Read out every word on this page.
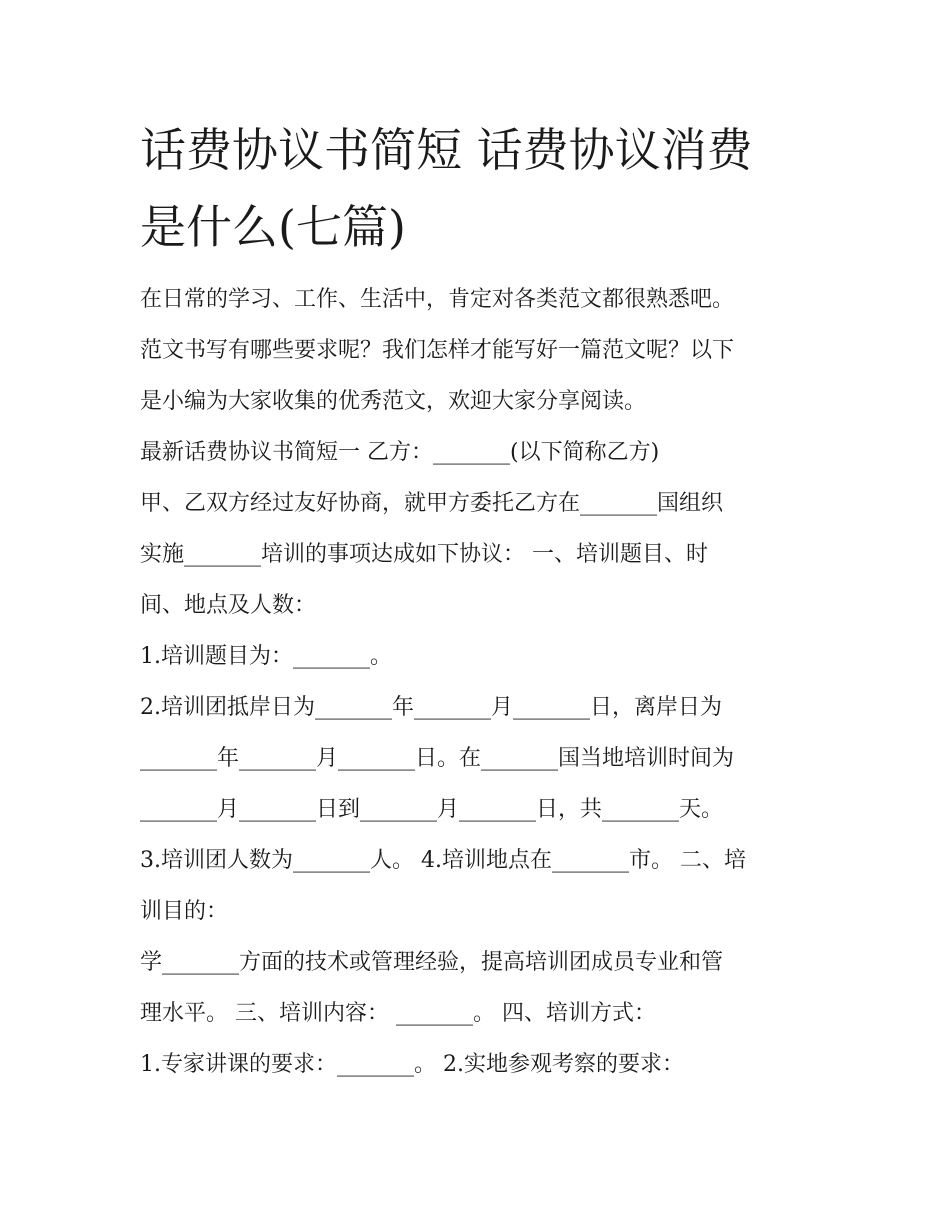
话费协议书简短 话费协议消费
是什么(七篇)

在日常的学习、工作、生活中，肯定对各类范文都很熟悉吧。

范文书写有哪些要求呢？我们怎样才能写好一篇范文呢？以下

是小编为大家收集的优秀范文，欢迎大家分享阅读。

最新话费协议书简短一 乙方：_______(以下简称乙方)

甲、乙双方经过友好协商，就甲方委托乙方在_______国组织

实施_______培训的事项达成如下协议： 一、培训题目、时

间、地点及人数：

1.培训题目为：_______。

2.培训团抵岸日为_______年_______月_______日，离岸日为

_______年_______月_______日。在_______国当地培训时间为

_______月_______日到_______月_______日，共_______天。

3.培训团人数为_______人。 4.培训地点在_______市。 二、培

训目的：

学_______方面的技术或管理经验，提高培训团成员专业和管

理水平。 三、培训内容： _______。 四、培训方式：

1.专家讲课的要求：_______。 2.实地参观考察的要求：
